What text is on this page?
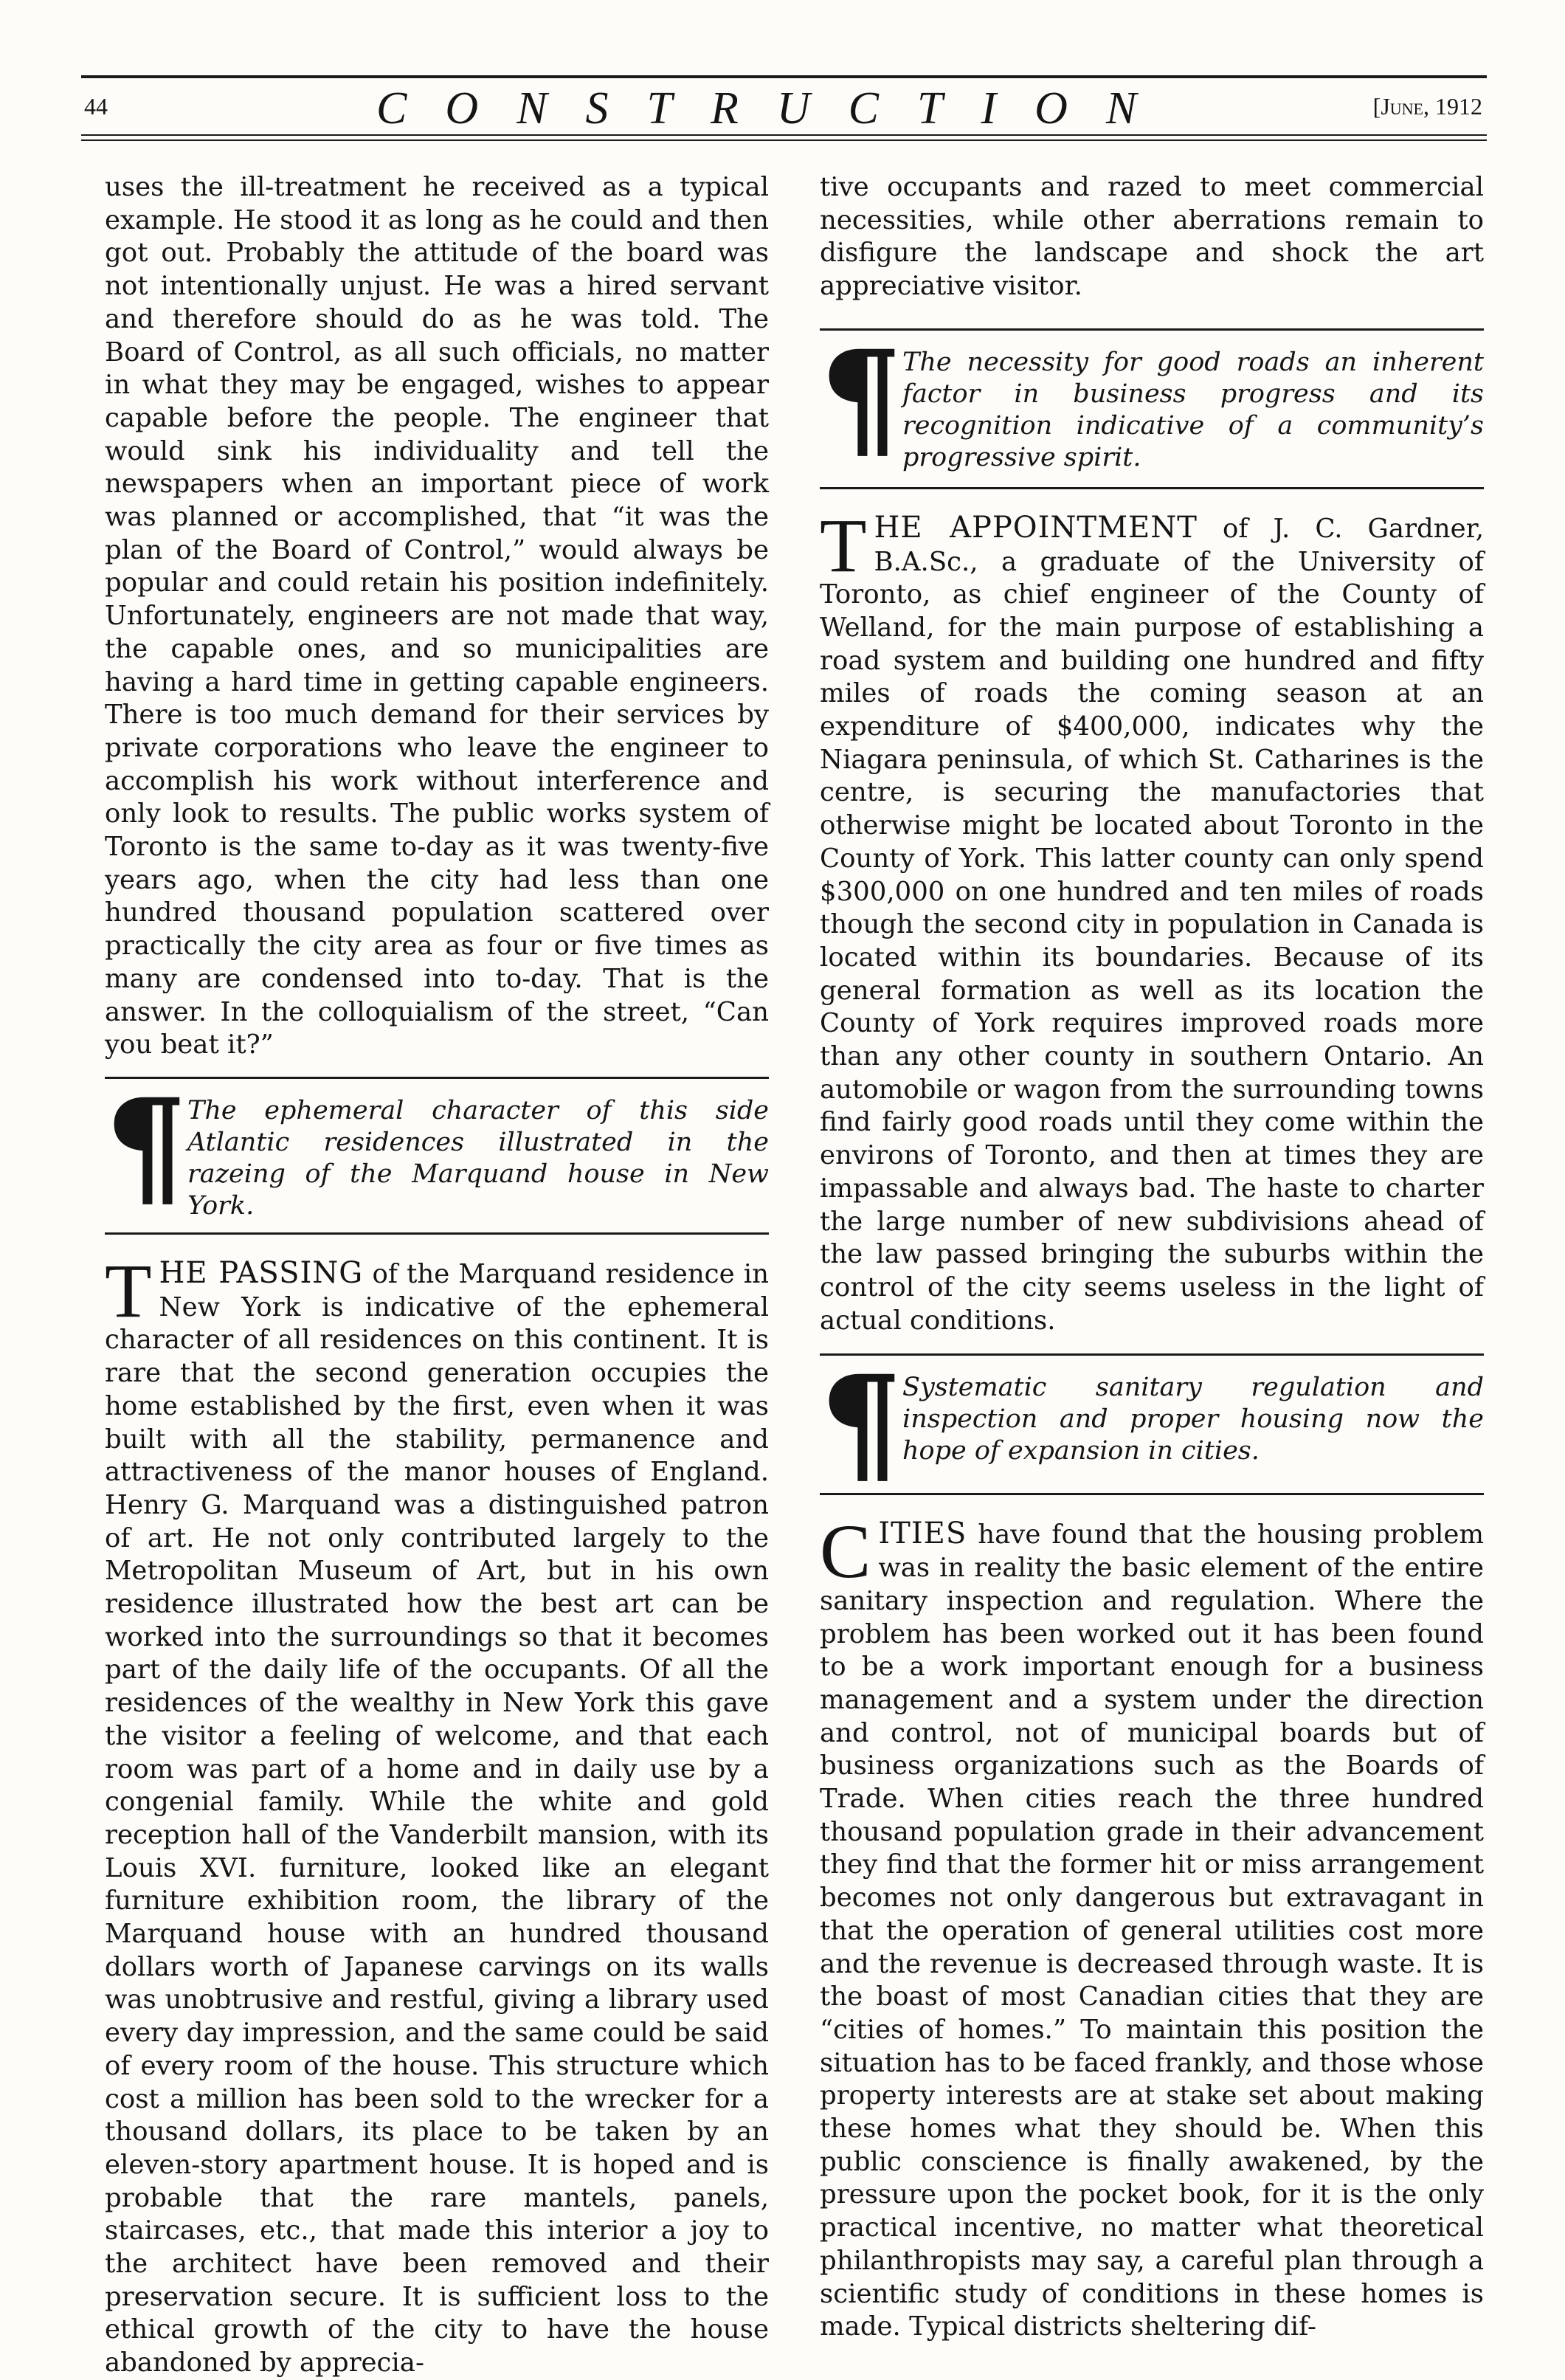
44	CONSTRUCTION	[June, 1912

uses the ill-treatment he received as a typical example. He stood it as long as he could and then got out. Probably the attitude of the board was not intentionally unjust. He was a hired servant and therefore should do as he was told. The Board of Control, as all such officials, no matter in what they may be engaged, wishes to appear capable before the people. The engineer that would sink his individuality and tell the newspapers when an important piece of work was planned or accomplished, that “it was the plan of the Board of Control,” would always be popular and could retain his position indefinitely. Unfortunately, engineers are not made that way, the capable ones, and so municipalities are having a hard time in getting capable engineers. There is too much demand for their services by private corporations who leave the engineer to accomplish his work without interference and only look to results. The public works system of Toronto is the same to-day as it was twenty-five years ago, when the city had less than one hundred thousand population scattered over practically the city area as four or five times as many are condensed into to-day. That is the answer. In the colloquialism of the street, “Can you beat it?”

¶ The ephemeral character of this side Atlantic residences illustrated in the razeing of the Marquand house in New York.

THE PASSING of the Marquand residence in New York is indicative of the ephemeral character of all residences on this continent. It is rare that the second generation occupies the home established by the first, even when it was built with all the stability, permanence and attractiveness of the manor houses of England. Henry G. Marquand was a distinguished patron of art. He not only contributed largely to the Metropolitan Museum of Art, but in his own residence illustrated how the best art can be worked into the surroundings so that it becomes part of the daily life of the occupants. Of all the residences of the wealthy in New York this gave the visitor a feeling of welcome, and that each room was part of a home and in daily use by a congenial family. While the white and gold reception hall of the Vanderbilt mansion, with its Louis XVI. furniture, looked like an elegant furniture exhibition room, the library of the Marquand house with an hundred thousand dollars worth of Japanese carvings on its walls was unobtrusive and restful, giving a library used every day impression, and the same could be said of every room of the house. This structure which cost a million has been sold to the wrecker for a thousand dollars, its place to be taken by an eleven-story apartment house. It is hoped and is probable that the rare mantels, panels, staircases, etc., that made this interior a joy to the architect have been removed and their preservation secure. It is sufficient loss to the ethical growth of the city to have the house abandoned by apprecia-

tive occupants and razed to meet commercial necessities, while other aberrations remain to disfigure the landscape and shock the art appreciative visitor.

¶ The necessity for good roads an inherent factor in business progress and its recognition indicative of a community’s progressive spirit.

THE APPOINTMENT of J. C. Gardner, B.A.Sc., a graduate of the University of Toronto, as chief engineer of the County of Welland, for the main purpose of establishing a road system and building one hundred and fifty miles of roads the coming season at an expenditure of $400,000, indicates why the Niagara peninsula, of which St. Catharines is the centre, is securing the manufactories that otherwise might be located about Toronto in the County of York. This latter county can only spend $300,000 on one hundred and ten miles of roads though the second city in population in Canada is located within its boundaries. Because of its general formation as well as its location the County of York requires improved roads more than any other county in southern Ontario. An automobile or wagon from the surrounding towns find fairly good roads until they come within the environs of Toronto, and then at times they are impassable and always bad. The haste to charter the large number of new subdivisions ahead of the law passed bringing the suburbs within the control of the city seems useless in the light of actual conditions.

¶ Systematic sanitary regulation and inspection and proper housing now the hope of expansion in cities.

CITIES have found that the housing problem was in reality the basic element of the entire sanitary inspection and regulation. Where the problem has been worked out it has been found to be a work important enough for a business management and a system under the direction and control, not of municipal boards but of business organizations such as the Boards of Trade. When cities reach the three hundred thousand population grade in their advancement they find that the former hit or miss arrangement becomes not only dangerous but extravagant in that the operation of general utilities cost more and the revenue is decreased through waste. It is the boast of most Canadian cities that they are “cities of homes.” To maintain this position the situation has to be faced frankly, and those whose property interests are at stake set about making these homes what they should be. When this public conscience is finally awakened, by the pressure upon the pocket book, for it is the only practical incentive, no matter what theoretical philanthropists may say, a careful plan through a scientific study of conditions in these homes is made. Typical districts sheltering dif-
